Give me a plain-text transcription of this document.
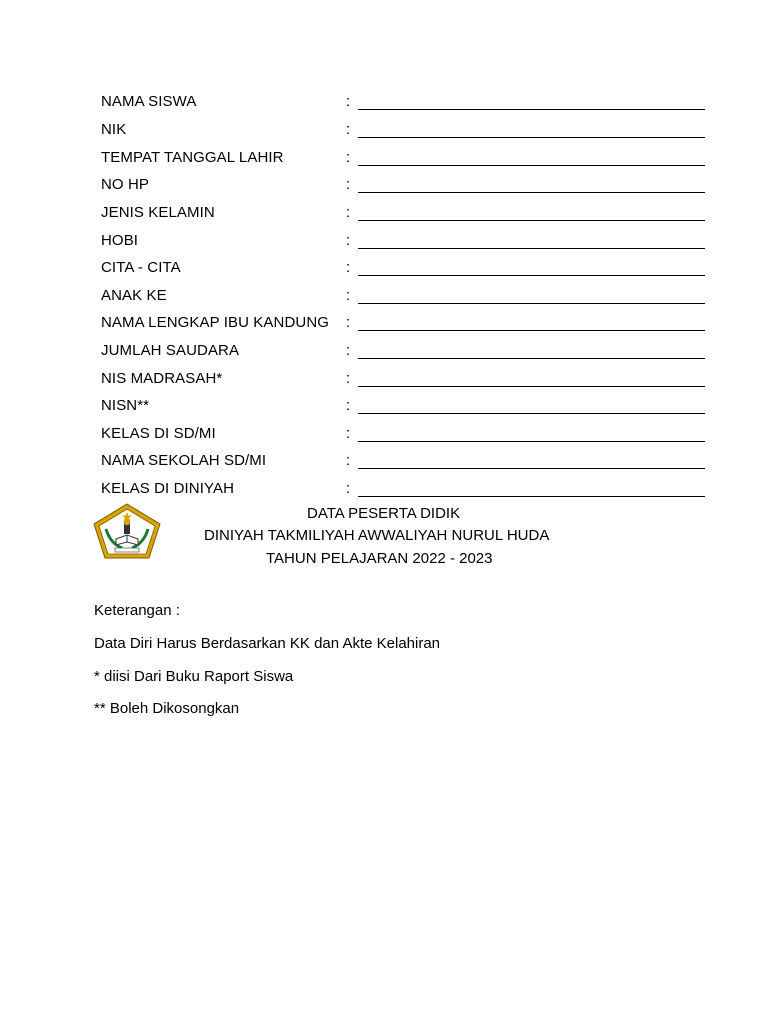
NAMA SISWA	:
NIK	:
TEMPAT TANGGAL LAHIR	:
NO HP	:
JENIS KELAMIN	:
HOBI	:
CITA - CITA	:
ANAK KE	:
NAMA LENGKAP IBU KANDUNG :
JUMLAH SAUDARA	:
NIS MADRASAH*	:
NISN**	:
KELAS DI SD/MI	:
NAMA SEKOLAH SD/MI	:
KELAS DI DINIYAH	:
DATA PESERTA DIDIK
DINIYAH TAKMILIYAH AWWALIYAH NURUL HUDA
TAHUN PELAJARAN 2022 - 2023
Keterangan :
Data Diri Harus Berdasarkan KK dan Akte Kelahiran
* diisi Dari Buku Raport Siswa
** Boleh Dikosongkan
